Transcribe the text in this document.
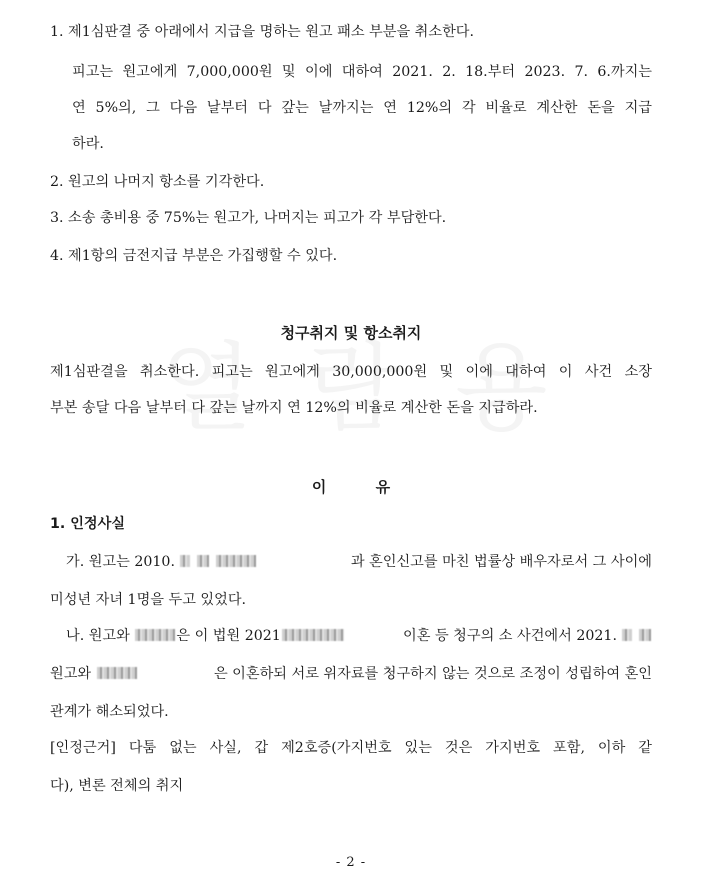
1. 제1심판결 중 아래에서 지급을 명하는 원고 패소 부분을 취소한다.
피고는 원고에게 7,000,000원 및 이에 대하여 2021. 2. 18.부터 2023. 7. 6.까지는
연 5%의, 그 다음 날부터 다 갚는 날까지는 연 12%의 각 비율로 계산한 돈을 지급
하라.
2. 원고의 나머지 항소를 기각한다.
3. 소송 총비용 중 75%는 원고가, 나머지는 피고가 각 부담한다.
4. 제1항의 금전지급 부분은 가집행할 수 있다.
청구취지 및 항소취지
제1심판결을 취소한다. 피고는 원고에게 30,000,000원 및 이에 대하여 이 사건 소장
부본 송달 다음 날부터 다 갚는 날까지 연 12%의 비율로 계산한 돈을 지급하라.
이 유
1. 인정사실
가. 원고는 2010.	과 혼인신고를 마친 법률상 배우자로서 그 사이에
미성년 자녀 1명을 두고 있었다.
나. 원고와	은 이 법원 2021	이혼 등 청구의 소 사건에서 2021.
원고와	은 이혼하되 서로 위자료를 청구하지 않는 것으로 조정이 성립하여 혼인
관계가 해소되었다.
[인정근거] 다툼 없는 사실, 갑 제2호증(가지번호 있는 것은 가지번호 포함, 이하 같
다), 변론 전체의 취지
- 2 -
